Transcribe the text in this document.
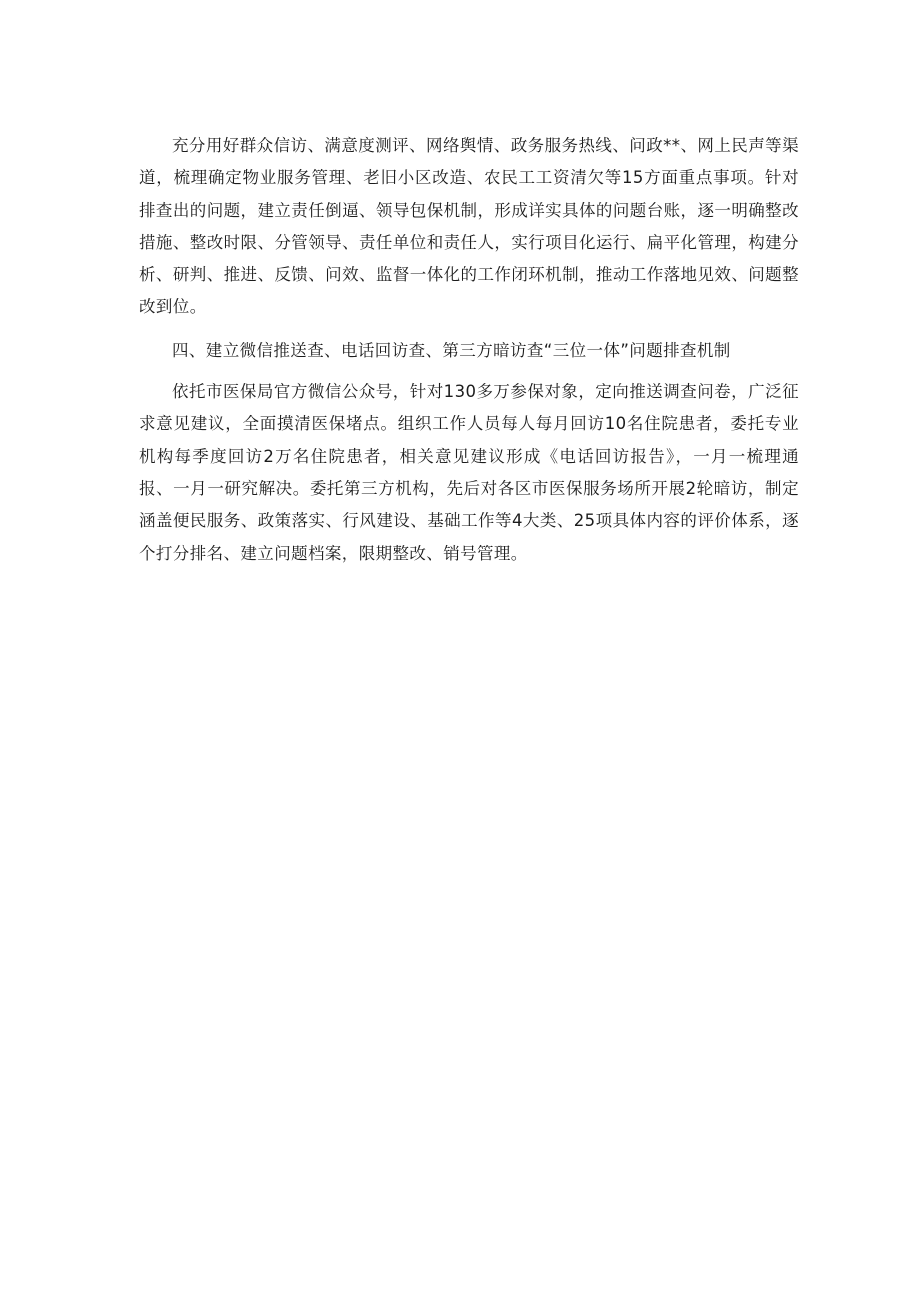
充分用好群众信访、满意度测评、网络舆情、政务服务热线、问政**、网上民声等渠道，梳理确定物业服务管理、老旧小区改造、农民工工资清欠等15方面重点事项。针对排查出的问题，建立责任倒逼、领导包保机制，形成详实具体的问题台账，逐一明确整改措施、整改时限、分管领导、责任单位和责任人，实行项目化运行、扁平化管理，构建分析、研判、推进、反馈、问效、监督一体化的工作闭环机制，推动工作落地见效、问题整改到位。

四、建立微信推送查、电话回访查、第三方暗访查“三位一体”问题排查机制

依托市医保局官方微信公众号，针对130多万参保对象，定向推送调查问卷，广泛征求意见建议，全面摸清医保堵点。组织工作人员每人每月回访10名住院患者，委托专业机构每季度回访2万名住院患者，相关意见建议形成《电话回访报告》，一月一梳理通报、一月一研究解决。委托第三方机构，先后对各区市医保服务场所开展2轮暗访，制定涵盖便民服务、政策落实、行风建设、基础工作等4大类、25项具体内容的评价体系，逐个打分排名、建立问题档案，限期整改、销号管理。
